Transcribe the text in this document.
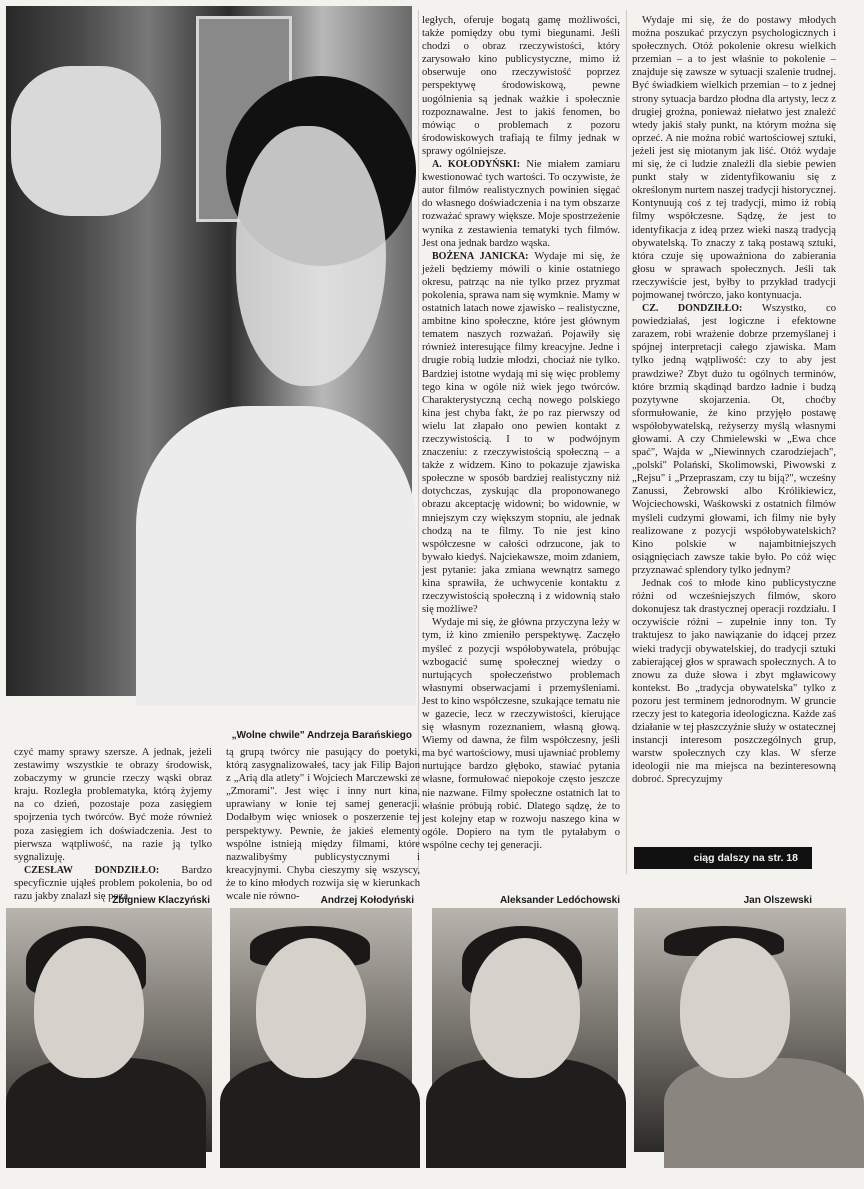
„Wolne chwile" Andrzeja Barańskiego

ległych, oferuje bogatą gamę możliwości, także pomiędzy obu tymi biegunami. Jeśli chodzi o obraz rzeczywistości, który zarysowało kino publicystyczne, mimo iż obserwuje ono rzeczywistość poprzez perspektywę środowiskową, pewne uogólnienia są jednak ważkie i społecznie rozpoznawalne. Jest to jakiś fenomen, bo mówiąc o problemach z pozoru środowiskowych trafiają te filmy jednak w sprawy ogólniejsze.

A. KOŁODYŃSKI: Nie miałem zamiaru kwestionować tych wartości. To oczywiste, że autor filmów realistycznych powinien sięgać do własnego doświadczenia i na tym obszarze rozważać sprawy większe. Moje spostrzeżenie wynika z zestawienia tematyki tych filmów. Jest ona jednak bardzo wąska.

BOŻENA JANICKA: Wydaje mi się, że jeżeli będziemy mówili o kinie ostatniego okresu, patrząc na nie tylko przez pryzmat pokolenia, sprawa nam się wymknie. Mamy w ostatnich latach nowe zjawisko – realistyczne, ambitne kino społeczne, które jest głównym tematem naszych rozważań. Pojawiły się również interesujące filmy kreacyjne. Jedne i drugie robią ludzie młodzi, chociaż nie tylko. Bardziej istotne wydają mi się więc problemy tego kina w ogóle niż wiek jego twórców. Charakterystyczną cechą nowego polskiego kina jest chyba fakt, że po raz pierwszy od wielu lat złapało ono pewien kontakt z rzeczywistością. I to w podwójnym znaczeniu: z rzeczywistością społeczną – a także z widzem. Kino to pokazuje zjawiska społeczne w sposób bardziej realistyczny niż dotychczas, zyskując dla proponowanego obrazu akceptację widowni; bo widownie, w mniejszym czy większym stopniu, ale jednak chodzą na te filmy. To nie jest kino współczesne w całości odrzucone, jak to bywało kiedyś. Najciekawsze, moim zdaniem, jest pytanie: jaka zmiana wewnątrz samego kina sprawiła, że uchwycenie kontaktu z rzeczywistością społeczną i z widownią stało się możliwe?

Wydaje mi się, że główna przyczyna leży w tym, iż kino zmieniło perspektywę. Zaczęło myśleć z pozycji współobywatela, próbując wzbogacić sumę społecznej wiedzy o nurtujących społeczeństwo problemach własnymi obserwacjami i przemyśleniami. Jest to kino współczesne, szukające tematu nie w gazecie, lecz w rzeczywistości, kierujące się własnym rozeznaniem, własną głową. Wiemy od dawna, że film współczesny, jeśli ma być wartościowy, musi ujawniać problemy nurtujące bardzo głęboko, stawiać pytania własne, formułować niepokoje często jeszcze nie nazwane. Filmy społeczne ostatnich lat to właśnie próbują robić. Dlatego sądzę, że to jest kolejny etap w rozwoju naszego kina w ogóle. Dopiero na tym tle pytałabym o wspólne cechy tej generacji.

Wydaje mi się, że do postawy młodych można poszukać przyczyn psychologicznych i społecznych. Otóż pokolenie okresu wielkich przemian – a to jest właśnie to pokolenie – znajduje się zawsze w sytuacji szalenie trudnej. Być świadkiem wielkich przemian – to z jednej strony sytuacja bardzo płodna dla artysty, lecz z drugiej groźna, ponieważ niełatwo jest znaleźć wtedy jakiś stały punkt, na którym można się oprzeć. A nie można robić wartościowej sztuki, jeżeli jest się miotanym jak liść. Otóż wydaje mi się, że ci ludzie znaleźli dla siebie pewien punkt stały w zidentyfikowaniu się z określonym nurtem naszej tradycji historycznej. Kontynuują coś z tej tradycji, mimo iż robią filmy współczesne. Sądzę, że jest to identyfikacja z ideą przez wieki naszą tradycją obywatelską. To znaczy z taką postawą sztuki, która czuje się upoważniona do zabierania głosu w sprawach społecznych. Jeśli tak rzeczywiście jest, byłby to przykład tradycji pojmowanej twórczo, jako kontynuacja.

CZ. DONDZIŁŁO: Wszystko, co powiedziałaś, jest logiczne i efektowne zarazem, robi wrażenie dobrze przemyślanej i spójnej interpretacji całego zjawiska. Mam tylko jedną wątpliwość: czy to aby jest prawdziwe? Zbyt dużo tu ogólnych terminów, które brzmią skądinąd bardzo ładnie i budzą pozytywne skojarzenia. Ot, choćby sformułowanie, że kino przyjęło postawę współobywatelską, reżyserzy myślą własnymi głowami. A czy Chmielewski w „Ewa chce spać", Wajda w „Niewinnych czarodziejach", „polski" Polański, Skolimowski, Piwowski z „Rejsu" i „Przepraszam, czy tu biją?", wcześny Zanussi, Żebrowski albo Królikiewicz, Wojciechowski, Waśkowski z ostatnich filmów myśleli cudzymi głowami, ich filmy nie były realizowane z pozycji współobywatelskich? Kino polskie w najambitniejszych osiągnięciach zawsze takie było. Po cóż więc przyznawać splendory tylko jednym?

Jednak coś to młode kino publicystyczne różni od wcześniejszych filmów, skoro dokonujesz tak drastycznej operacji rozdziału. I oczywiście różni – zupełnie inny ton. Ty traktujesz to jako nawiązanie do idącej przez wieki tradycji obywatelskiej, do tradycji sztuki zabierającej głos w sprawach społecznych. A to znowu za duże słowa i zbyt mgławicowy kontekst. Bo „tradycja obywatelska" tylko z pozoru jest terminem jednorodnym. W gruncie rzeczy jest to kategoria ideologiczna. Każde zaś działanie w tej płaszczyźnie służy w ostatecznej instancji interesom poszczególnych grup, warstw społecznych czy klas. W sferze ideologii nie ma miejsca na bezinteresowną dobroć. Sprecyzujmy

ciąg dalszy na str. 18

czyć mamy sprawy szersze. A jednak, jeżeli zestawimy wszystkie te obrazy środowisk, zobaczymy w gruncie rzeczy wąski obraz kraju. Rozległa problematyka, którą żyjemy na co dzień, pozostaje poza zasięgiem spojrzenia tych twórców. Być może również poza zasięgiem ich doświadczenia. Jest to pierwsza wątpliwość, na razie ją tylko sygnalizuję.

CZESŁAW DONDZIŁŁO: Bardzo specyficznie ująłeś problem pokolenia, bo od razu jakby znalazł się poza

tą grupą twórcy nie pasujący do poetyki, którą zasygnalizowałeś, tacy jak Filip Bajon z „Arią dla atlety" i Wojciech Marczewski ze „Zmorami". Jest więc i inny nurt kina, uprawiany w łonie tej samej generacji. Dodałbym więc wniosek o poszerzenie tej perspektywy. Pewnie, że jakieś elementy wspólne istnieją między filmami, które nazwalibyśmy publicystycznymi i kreacyjnymi. Chyba cieszymy się wszyscy, że to kino młodych rozwija się w kierunkach wcale nie równo-

Zbigniew Klaczyński	Andrzej Kołodyński	Aleksander Ledóchowski	Jan Olszewski
